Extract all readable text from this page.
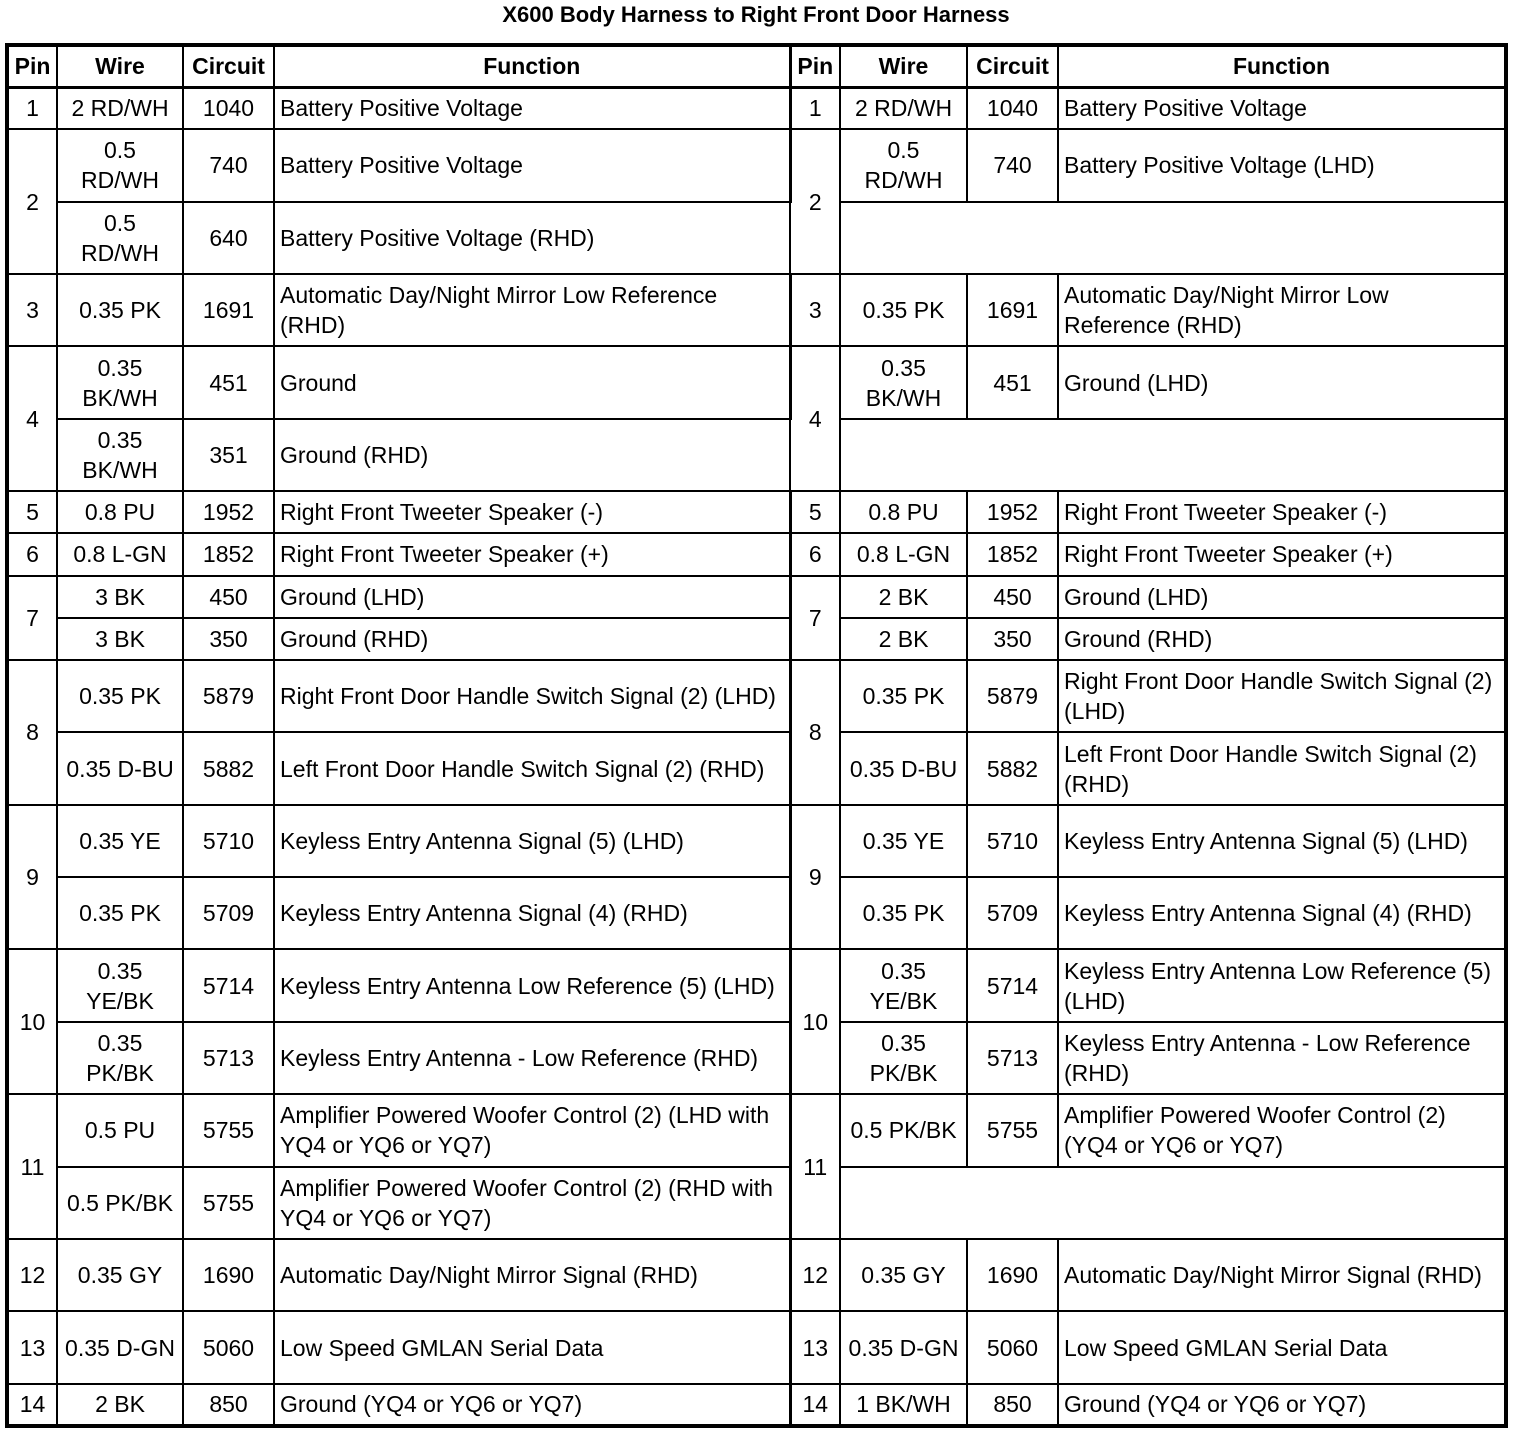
X600 Body Harness to Right Front Door Harness
Pin	Wire	Circuit	Function	Pin	Wire	Circuit	Function
1	2 RD/WH	1040	Battery Positive Voltage	1	2 RD/WH	1040	Battery Positive Voltage
2	0.5 RD/WH	740	Battery Positive Voltage	2	0.5 RD/WH	740	Battery Positive Voltage (LHD)
	0.5 RD/WH	640	Battery Positive Voltage (RHD)				
3	0.35 PK	1691	Automatic Day/Night Mirror Low Reference (RHD)	3	0.35 PK	1691	Automatic Day/Night Mirror Low Reference (RHD)
4	0.35 BK/WH	451	Ground	4	0.35 BK/WH	451	Ground (LHD)
	0.35 BK/WH	351	Ground (RHD)				
5	0.8 PU	1952	Right Front Tweeter Speaker (-)	5	0.8 PU	1952	Right Front Tweeter Speaker (-)
6	0.8 L-GN	1852	Right Front Tweeter Speaker (+)	6	0.8 L-GN	1852	Right Front Tweeter Speaker (+)
7	3 BK	450	Ground (LHD)	7	2 BK	450	Ground (LHD)
	3 BK	350	Ground (RHD)		2 BK	350	Ground (RHD)
8	0.35 PK	5879	Right Front Door Handle Switch Signal (2) (LHD)	8	0.35 PK	5879	Right Front Door Handle Switch Signal (2) (LHD)
	0.35 D-BU	5882	Left Front Door Handle Switch Signal (2) (RHD)		0.35 D-BU	5882	Left Front Door Handle Switch Signal (2) (RHD)
9	0.35 YE	5710	Keyless Entry Antenna Signal (5) (LHD)	9	0.35 YE	5710	Keyless Entry Antenna Signal (5) (LHD)
	0.35 PK	5709	Keyless Entry Antenna Signal (4) (RHD)		0.35 PK	5709	Keyless Entry Antenna Signal (4) (RHD)
10	0.35 YE/BK	5714	Keyless Entry Antenna Low Reference (5) (LHD)	10	0.35 YE/BK	5714	Keyless Entry Antenna Low Reference (5) (LHD)
	0.35 PK/BK	5713	Keyless Entry Antenna - Low Reference (RHD)		0.35 PK/BK	5713	Keyless Entry Antenna - Low Reference (RHD)
11	0.5 PU	5755	Amplifier Powered Woofer Control (2) (LHD with YQ4 or YQ6 or YQ7)	11	0.5 PK/BK	5755	Amplifier Powered Woofer Control (2) (YQ4 or YQ6 or YQ7)
	0.5 PK/BK	5755	Amplifier Powered Woofer Control (2) (RHD with YQ4 or YQ6 or YQ7)				
12	0.35 GY	1690	Automatic Day/Night Mirror Signal (RHD)	12	0.35 GY	1690	Automatic Day/Night Mirror Signal (RHD)
13	0.35 D-GN	5060	Low Speed GMLAN Serial Data	13	0.35 D-GN	5060	Low Speed GMLAN Serial Data
14	2 BK	850	Ground (YQ4 or YQ6 or YQ7)	14	1 BK/WH	850	Ground (YQ4 or YQ6 or YQ7)
